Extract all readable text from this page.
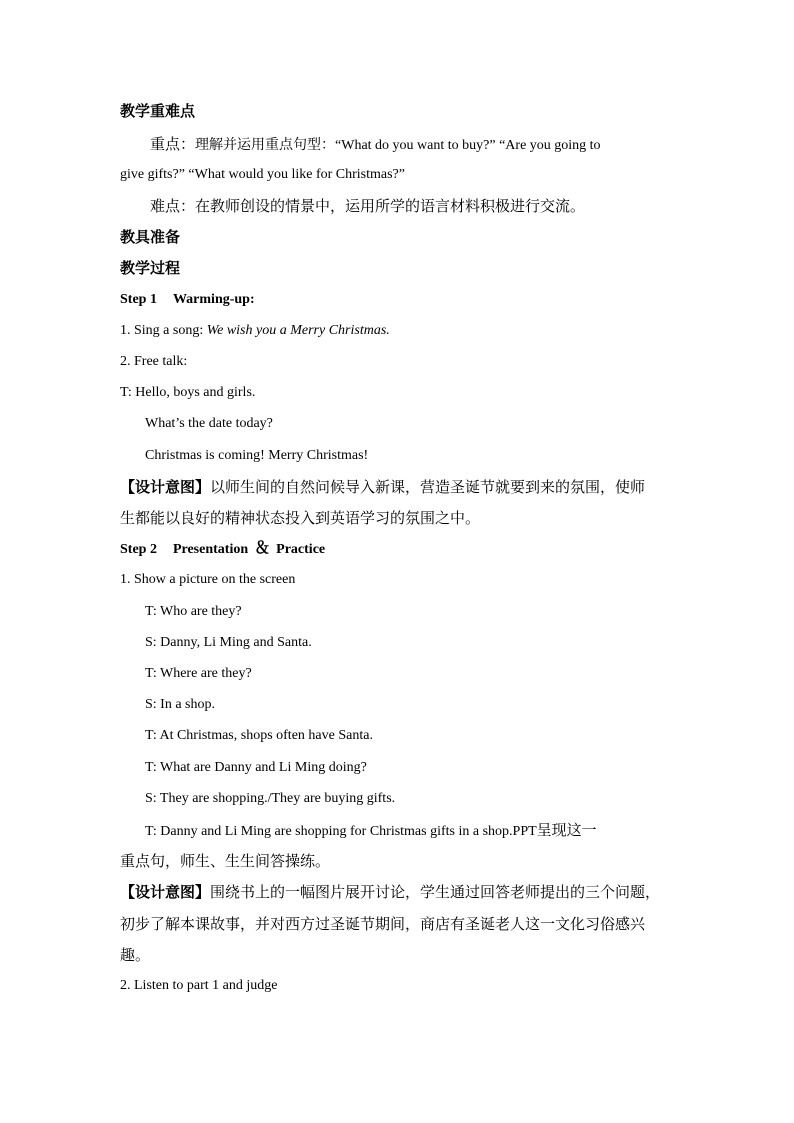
教学重难点
重点：理解并运用重点句型：“What do you want to buy?” “Are you going to
give gifts?” “What would you like for Christmas?”
难点：在教师创设的情景中，运用所学的语言材料积极进行交流。
教具准备
教学过程
Step 1 Warming-up:
1. Sing a song: We wish you a Merry Christmas.
2. Free talk:
T: Hello, boys and girls.
What’s the date today?
Christmas is coming! Merry Christmas!
【设计意图】以师生间的自然问候导入新课，营造圣诞节就要到来的氛围，使师
生都能以良好的精神状态投入到英语学习的氛围之中。
Step 2 Presentation ＆ Practice
1. Show a picture on the screen
T: Who are they?
S: Danny, Li Ming and Santa.
T: Where are they?
S: In a shop.
T: At Christmas, shops often have Santa.
T: What are Danny and Li Ming doing?
S: They are shopping./They are buying gifts.
T: Danny and Li Ming are shopping for Christmas gifts in a shop.PPT呈现这一
重点句，师生、生生间答操练。
【设计意图】围绕书上的一幅图片展开讨论，学生通过回答老师提出的三个问题，
初步了解本课故事，并对西方过圣诞节期间，商店有圣诞老人这一文化习俗感兴
趣。
2. Listen to part 1 and judge
